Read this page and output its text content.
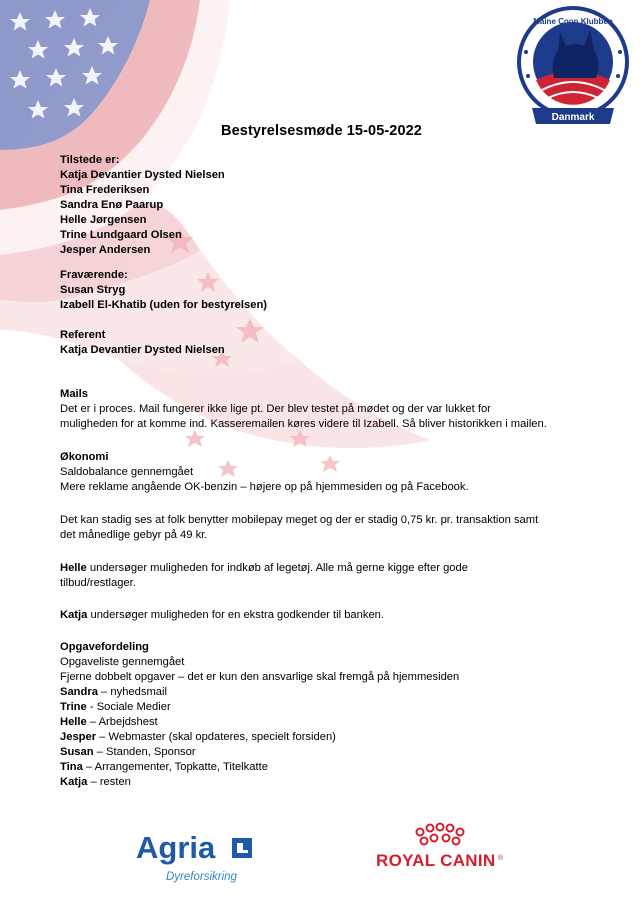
Maine Coon Klubben
Danmark
Bestyrelsesmøde 15-05-2022
Tilstede er:
Katja Devantier Dysted Nielsen
Tina Frederiksen
Sandra Enø Paarup
Helle Jørgensen
Trine Lundgaard Olsen
Jesper Andersen
Fraværende:
Susan Stryg
Izabell El-Khatib (uden for bestyrelsen)
Referent
Katja Devantier Dysted Nielsen
Mails
Det er i proces. Mail fungerer ikke lige pt. Der blev testet på mødet og der var lukket for
muligheden for at komme ind. Kasseremailen køres videre til Izabell. Så bliver historikken i mailen.
Økonomi
Saldobalance gennemgået
Mere reklame angående OK-benzin – højere op på hjemmesiden og på Facebook.
Det kan stadig ses at folk benytter mobilepay meget og der er stadig 0,75 kr. pr. transaktion samt
det månedlige gebyr på 49 kr.
Helle undersøger muligheden for indkøb af legetøj. Alle må gerne kigge efter gode
tilbud/restlager.
Katja undersøger muligheden for en ekstra godkender til banken.
Opgavefordeling
Opgaveliste gennemgået
Fjerne dobbelt opgaver – det er kun den ansvarlige skal fremgå på hjemmesiden
Sandra – nyhedsmail
Trine - Sociale Medier
Helle – Arbejdshest
Jesper – Webmaster (skal opdateres, specielt forsiden)
Susan – Standen, Sponsor
Tina – Arrangementer, Topkatte, Titelkatte
Katja – resten
Agria
Dyreforsikring
ROYAL CANIN ®
